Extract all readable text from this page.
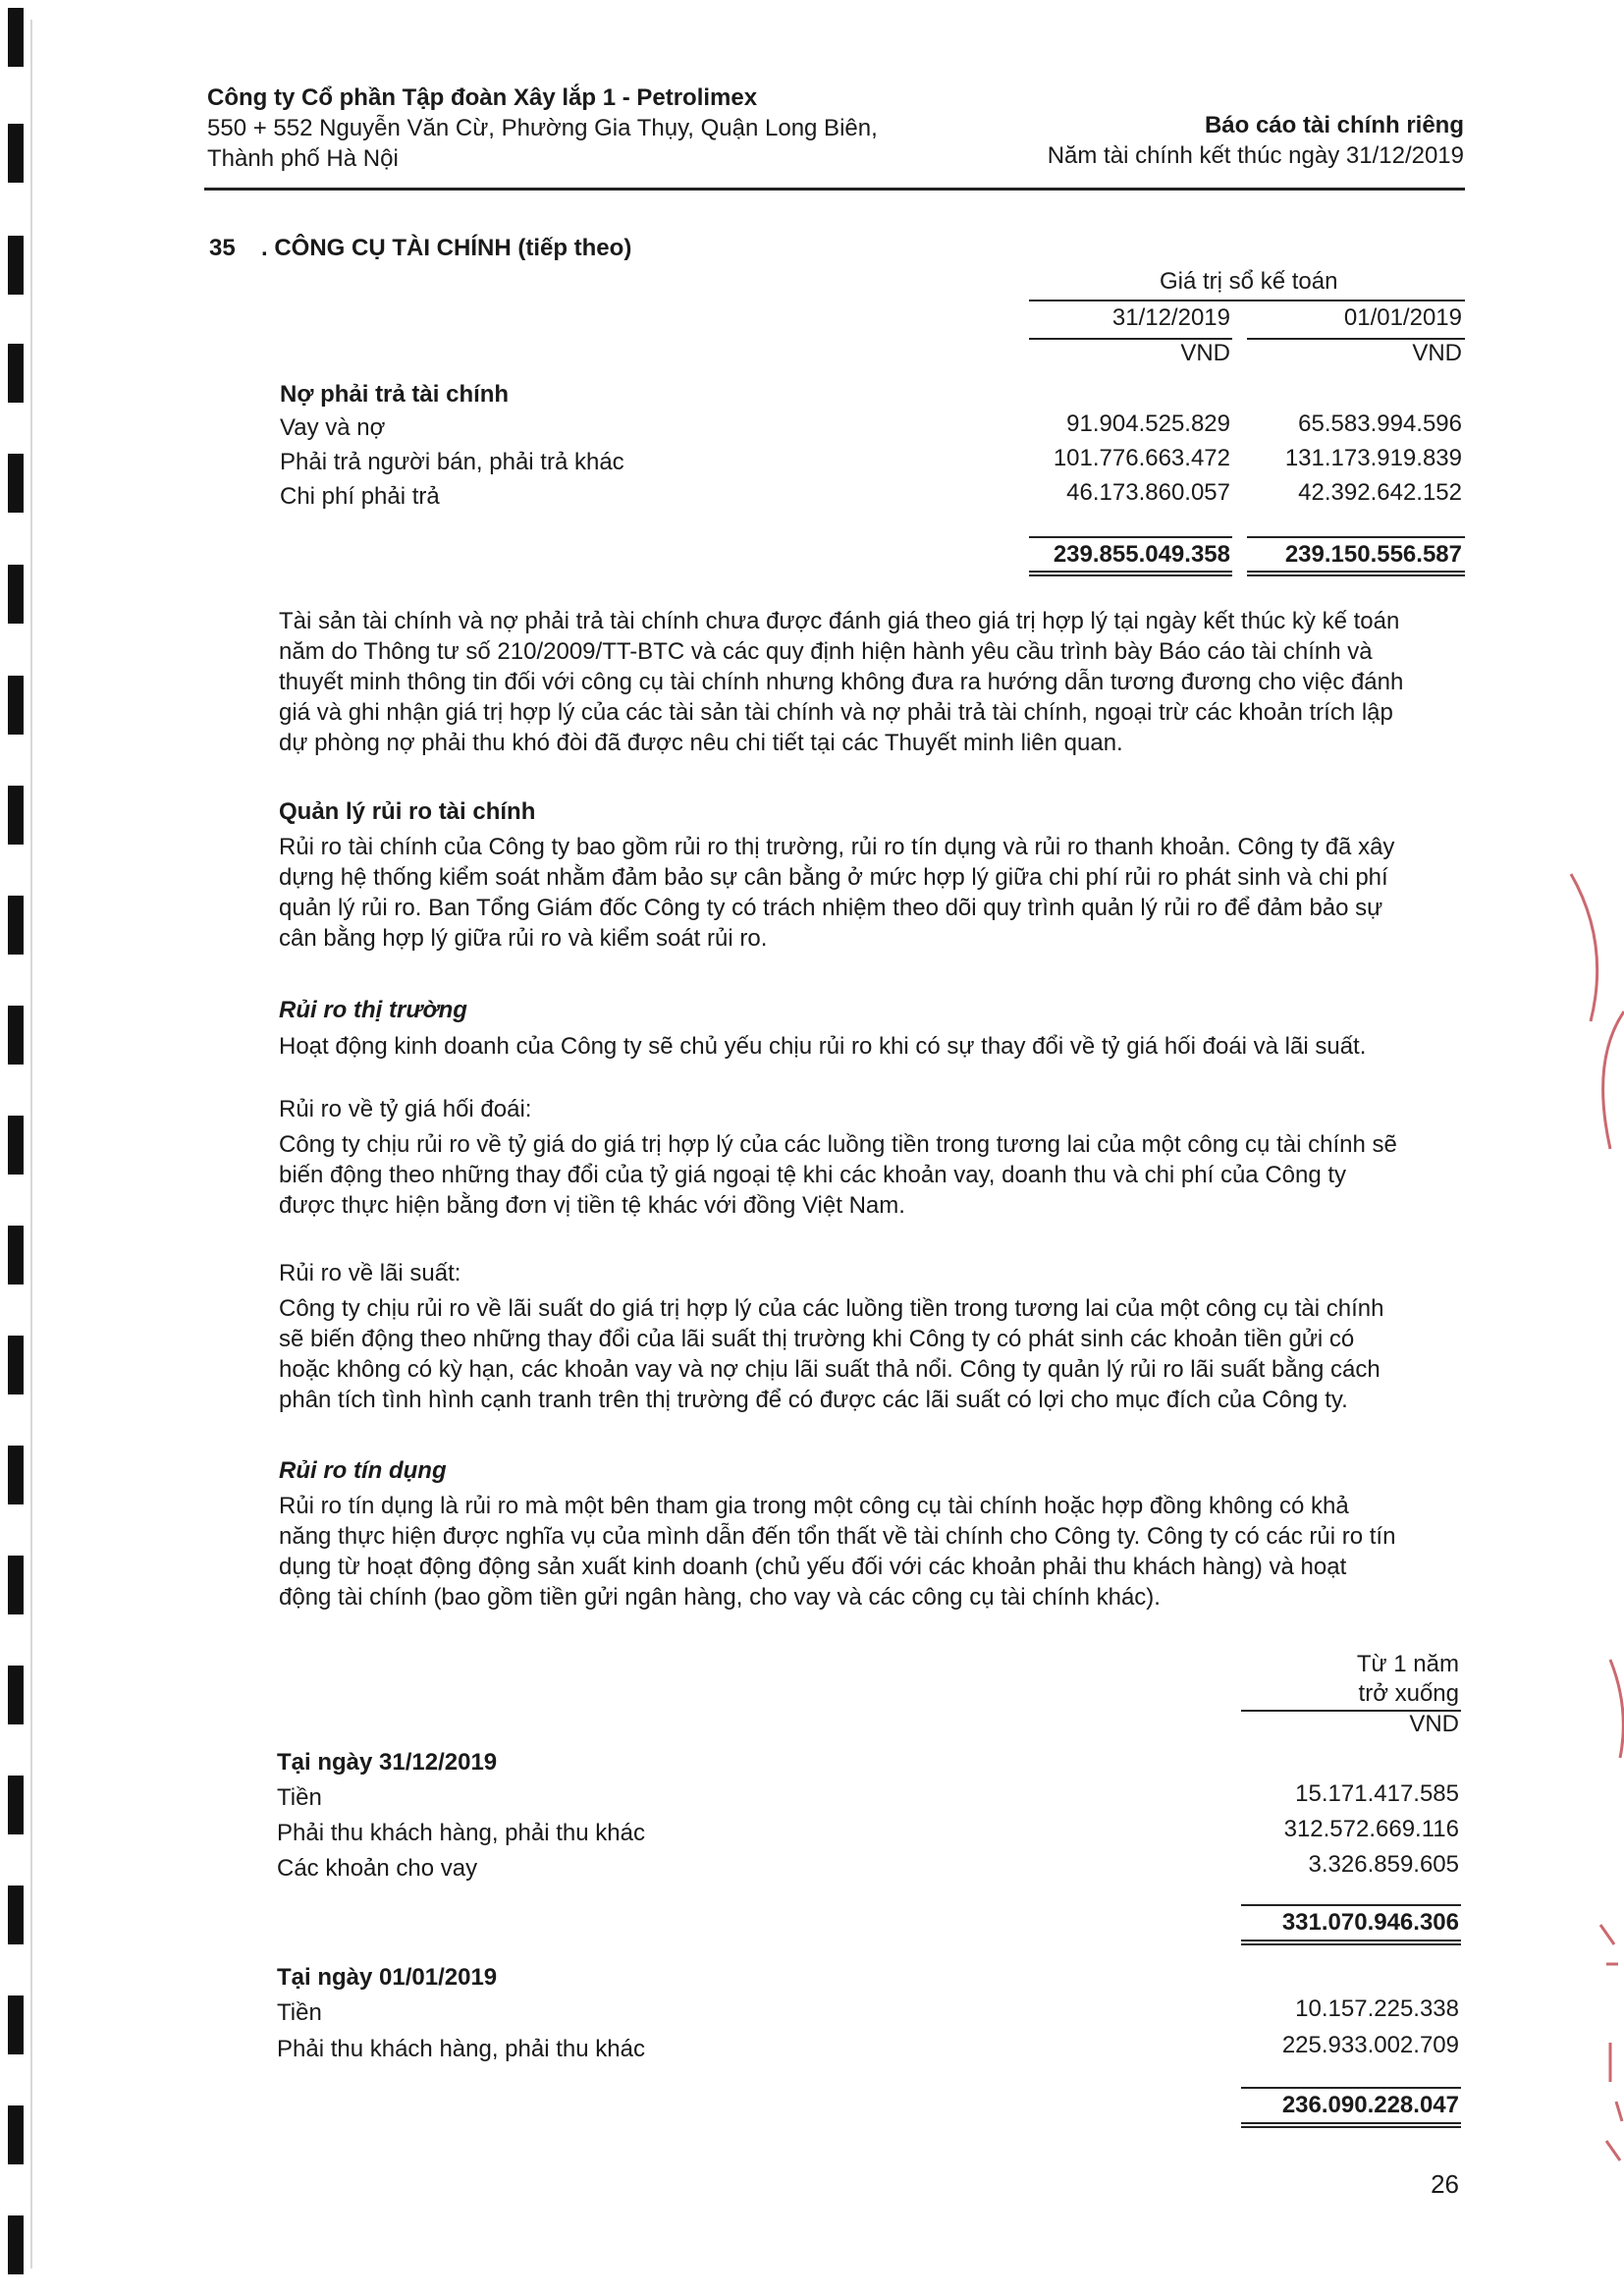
Công ty Cổ phần Tập đoàn Xây lắp 1 - Petrolimex
550 + 552 Nguyễn Văn Cừ, Phường Gia Thụy, Quận Long Biên,
Thành phố Hà Nội
Báo cáo tài chính riêng
Năm tài chính kết thúc ngày 31/12/2019
35 . CÔNG CỤ TÀI CHÍNH (tiếp theo)
Giá trị sổ kế toán
31/12/2019	01/01/2019
VND	VND
Nợ phải trả tài chính
Vay và nợ	91.904.525.829	65.583.994.596
Phải trả người bán, phải trả khác	101.776.663.472	131.173.919.839
Chi phí phải trả	46.173.860.057	42.392.642.152
239.855.049.358	239.150.556.587
Tài sản tài chính và nợ phải trả tài chính chưa được đánh giá theo giá trị hợp lý tại ngày kết thúc kỳ kế toán
năm do Thông tư số 210/2009/TT-BTC và các quy định hiện hành yêu cầu trình bày Báo cáo tài chính và
thuyết minh thông tin đối với công cụ tài chính nhưng không đưa ra hướng dẫn tương đương cho việc đánh
giá và ghi nhận giá trị hợp lý của các tài sản tài chính và nợ phải trả tài chính, ngoại trừ các khoản trích lập
dự phòng nợ phải thu khó đòi đã được nêu chi tiết tại các Thuyết minh liên quan.
Quản lý rủi ro tài chính
Rủi ro tài chính của Công ty bao gồm rủi ro thị trường, rủi ro tín dụng và rủi ro thanh khoản. Công ty đã xây
dựng hệ thống kiểm soát nhằm đảm bảo sự cân bằng ở mức hợp lý giữa chi phí rủi ro phát sinh và chi phí
quản lý rủi ro. Ban Tổng Giám đốc Công ty có trách nhiệm theo dõi quy trình quản lý rủi ro để đảm bảo sự
cân bằng hợp lý giữa rủi ro và kiểm soát rủi ro.
Rủi ro thị trường
Hoạt động kinh doanh của Công ty sẽ chủ yếu chịu rủi ro khi có sự thay đổi về tỷ giá hối đoái và lãi suất.
Rủi ro về tỷ giá hối đoái:
Công ty chịu rủi ro về tỷ giá do giá trị hợp lý của các luồng tiền trong tương lai của một công cụ tài chính sẽ
biến động theo những thay đổi của tỷ giá ngoại tệ khi các khoản vay, doanh thu và chi phí của Công ty
được thực hiện bằng đơn vị tiền tệ khác với đồng Việt Nam.
Rủi ro về lãi suất:
Công ty chịu rủi ro về lãi suất do giá trị hợp lý của các luồng tiền trong tương lai của một công cụ tài chính
sẽ biến động theo những thay đổi của lãi suất thị trường khi Công ty có phát sinh các khoản tiền gửi có
hoặc không có kỳ hạn, các khoản vay và nợ chịu lãi suất thả nổi. Công ty quản lý rủi ro lãi suất bằng cách
phân tích tình hình cạnh tranh trên thị trường để có được các lãi suất có lợi cho mục đích của Công ty.
Rủi ro tín dụng
Rủi ro tín dụng là rủi ro mà một bên tham gia trong một công cụ tài chính hoặc hợp đồng không có khả
năng thực hiện được nghĩa vụ của mình dẫn đến tổn thất về tài chính cho Công ty. Công ty có các rủi ro tín
dụng từ hoạt động động sản xuất kinh doanh (chủ yếu đối với các khoản phải thu khách hàng) và hoạt
động tài chính (bao gồm tiền gửi ngân hàng, cho vay và các công cụ tài chính khác).
Từ 1 năm
trở xuống
VND
Tại ngày 31/12/2019
Tiền	15.171.417.585
Phải thu khách hàng, phải thu khác	312.572.669.116
Các khoản cho vay	3.326.859.605
331.070.946.306
Tại ngày 01/01/2019
Tiền	10.157.225.338
Phải thu khách hàng, phải thu khác	225.933.002.709
236.090.228.047
26
